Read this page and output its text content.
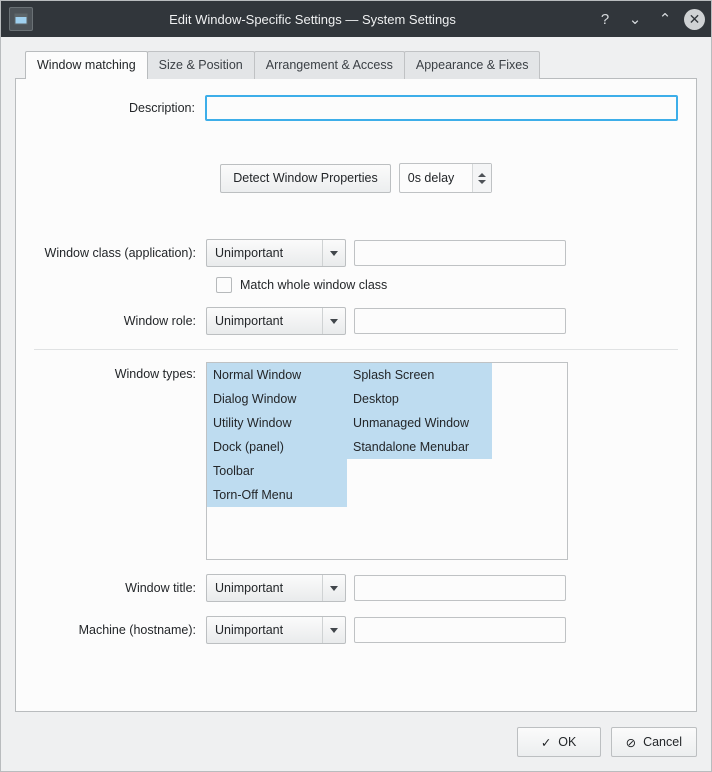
Edit Window-Specific Settings — System Settings	?	⌄	⌃	✕
Window matching	Size & Position	Arrangement & Access	Appearance & Fixes
Description:
Detect Window Properties	0s delay
Window class (application):	Unimportant
Match whole window class
Window role:	Unimportant
Window types:	Normal Window
Dialog Window
Utility Window
Dock (panel)
Toolbar
Torn-Off Menu
Splash Screen
Desktop
Unmanaged Window
Standalone Menubar
Window title:	Unimportant
Machine (hostname):	Unimportant
✓ OK	⊘ Cancel
